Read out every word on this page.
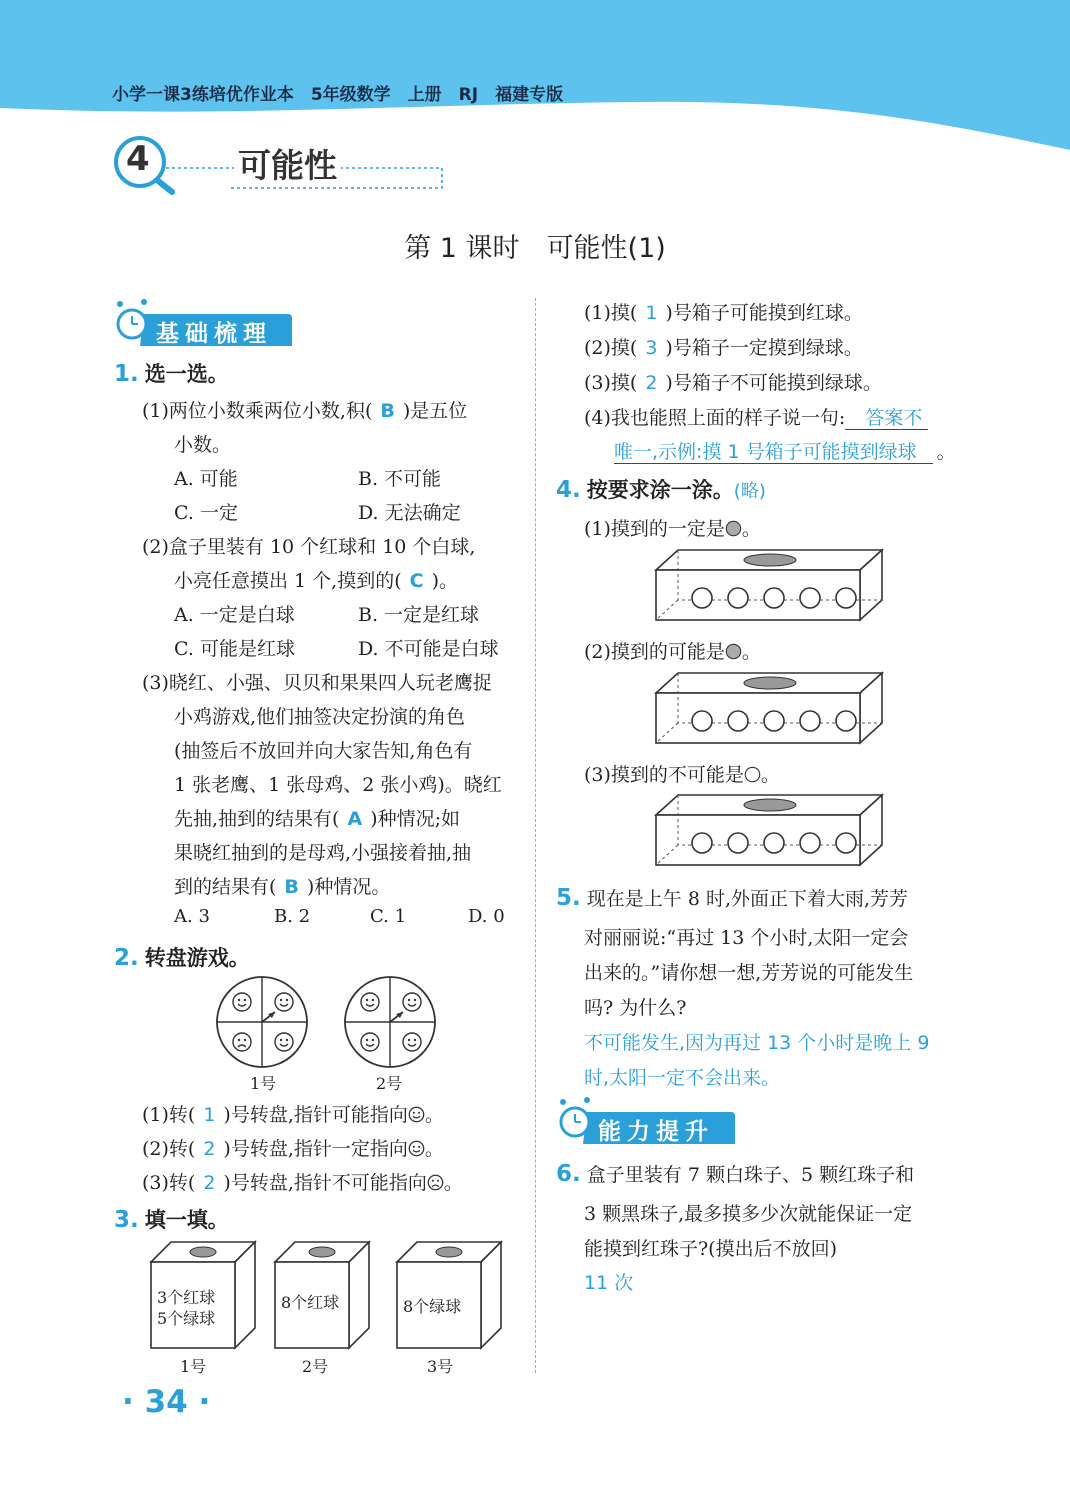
小学一课3练培优作业本　5年级数学　上册　RJ　福建专版
4	可能性
第 1 课时　可能性(1)
基础梳理
1. 选一选。
(1)两位小数乘两位小数,积( B )是五位
小数。
A. 可能	B. 不可能
C. 一定	D. 无法确定
(2)盒子里装有 10 个红球和 10 个白球,
小亮任意摸出 1 个,摸到的( C )。
A. 一定是白球	B. 一定是红球
C. 可能是红球	D. 不可能是白球
(3)晓红、小强、贝贝和果果四人玩老鹰捉
小鸡游戏,他们抽签决定扮演的角色
(抽签后不放回并向大家告知,角色有
1 张老鹰、1 张母鸡、2 张小鸡)。晓红
先抽,抽到的结果有( A )种情况;如
果晓红抽到的是母鸡,小强接着抽,抽
到的结果有( B )种情况。
A. 3	B. 2	C. 1	D. 0
2. 转盘游戏。
1号	2号
(1)转( 1 )号转盘,指针可能指向 。
(2)转( 2 )号转盘,指针一定指向 。
(3)转( 2 )号转盘,指针不可能指向 。
3. 填一填。
3个红球
5个绿球
8个红球	8个绿球
1号	2号	3号
· 34 ·
(1)摸( 1 )号箱子可能摸到红球。
(2)摸( 3 )号箱子一定摸到绿球。
(3)摸( 2 )号箱子不可能摸到绿球。
(4)我也能照上面的样子说一句: 答案不
唯一,示例:摸 1 号箱子可能摸到绿球 。
4. 按要求涂一涂。(略)
(1)摸到的一定是 。
(2)摸到的可能是 。
(3)摸到的不可能是 。
5. 现在是上午 8 时,外面正下着大雨,芳芳
对丽丽说:“再过 13 个小时,太阳一定会
出来的。”请你想一想,芳芳说的可能发生
吗? 为什么?
不可能发生,因为再过 13 个小时是晚上 9
时,太阳一定不会出来。
能力提升
6. 盒子里装有 7 颗白珠子、5 颗红珠子和
3 颗黑珠子,最多摸多少次就能保证一定
能摸到红珠子?(摸出后不放回)
11 次
